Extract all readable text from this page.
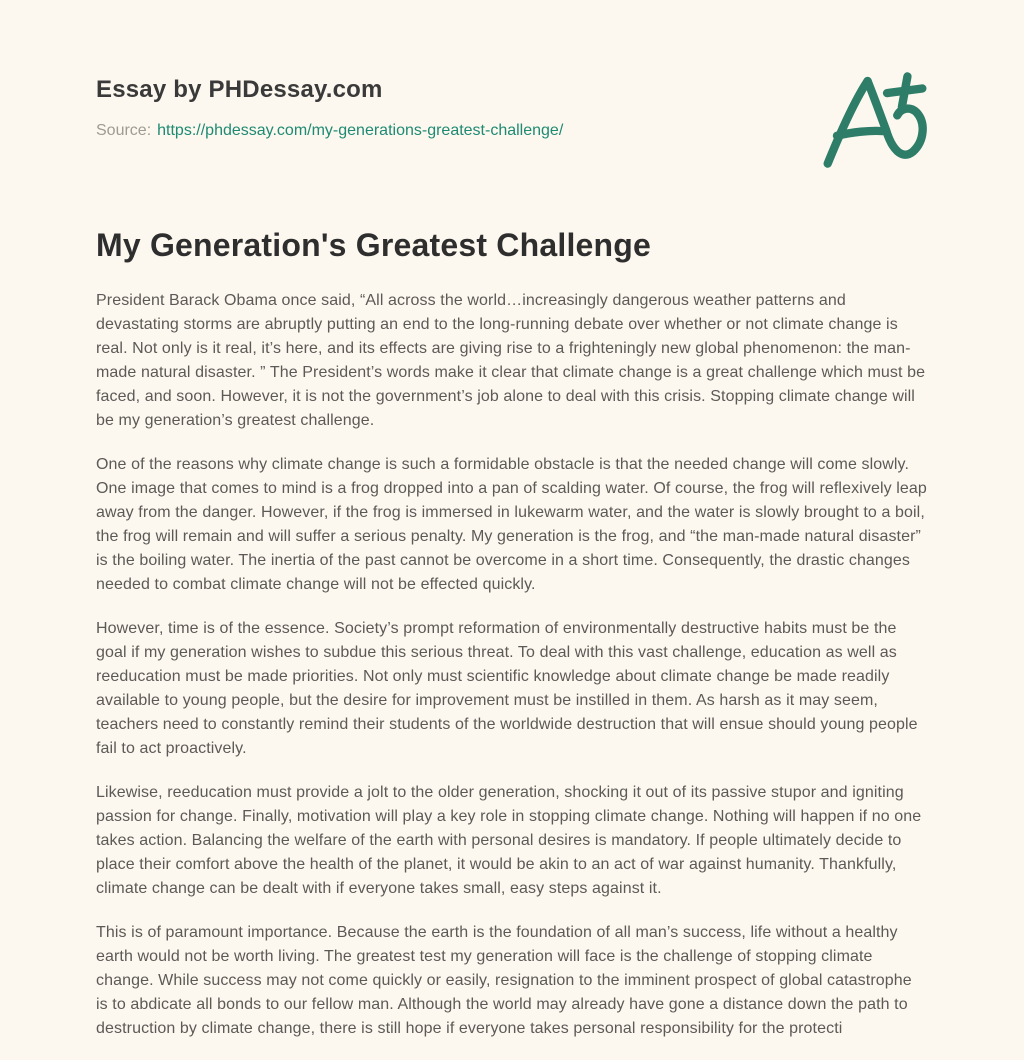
Essay by PHDessay.com
Source: https://phdessay.com/my-generations-greatest-challenge/
My Generation's Greatest Challenge

President Barack Obama once said, “All across the world…increasingly dangerous weather patterns and devastating storms are abruptly putting an end to the long-running debate over whether or not climate change is real. Not only is it real, it’s here, and its effects are giving rise to a frighteningly new global phenomenon: the man-made natural disaster. ” The President’s words make it clear that climate change is a great challenge which must be faced, and soon. However, it is not the government’s job alone to deal with this crisis. Stopping climate change will be my generation’s greatest challenge.

One of the reasons why climate change is such a formidable obstacle is that the needed change will come slowly. One image that comes to mind is a frog dropped into a pan of scalding water. Of course, the frog will reflexively leap away from the danger. However, if the frog is immersed in lukewarm water, and the water is slowly brought to a boil, the frog will remain and will suffer a serious penalty. My generation is the frog, and “the man-made natural disaster” is the boiling water. The inertia of the past cannot be overcome in a short time. Consequently, the drastic changes needed to combat climate change will not be effected quickly.

However, time is of the essence. Society’s prompt reformation of environmentally destructive habits must be the goal if my generation wishes to subdue this serious threat. To deal with this vast challenge, education as well as reeducation must be made priorities. Not only must scientific knowledge about climate change be made readily available to young people, but the desire for improvement must be instilled in them. As harsh as it may seem, teachers need to constantly remind their students of the worldwide destruction that will ensue should young people fail to act proactively.

Likewise, reeducation must provide a jolt to the older generation, shocking it out of its passive stupor and igniting passion for change. Finally, motivation will play a key role in stopping climate change. Nothing will happen if no one takes action. Balancing the welfare of the earth with personal desires is mandatory. If people ultimately decide to place their comfort above the health of the planet, it would be akin to an act of war against humanity. Thankfully, climate change can be dealt with if everyone takes small, easy steps against it.

This is of paramount importance. Because the earth is the foundation of all man’s success, life without a healthy earth would not be worth living. The greatest test my generation will face is the challenge of stopping climate change. While success may not come quickly or easily, resignation to the imminent prospect of global catastrophe is to abdicate all bonds to our fellow man. Although the world may already have gone a distance down the path to destruction by climate change, there is still hope if everyone takes personal responsibility for the protecti
